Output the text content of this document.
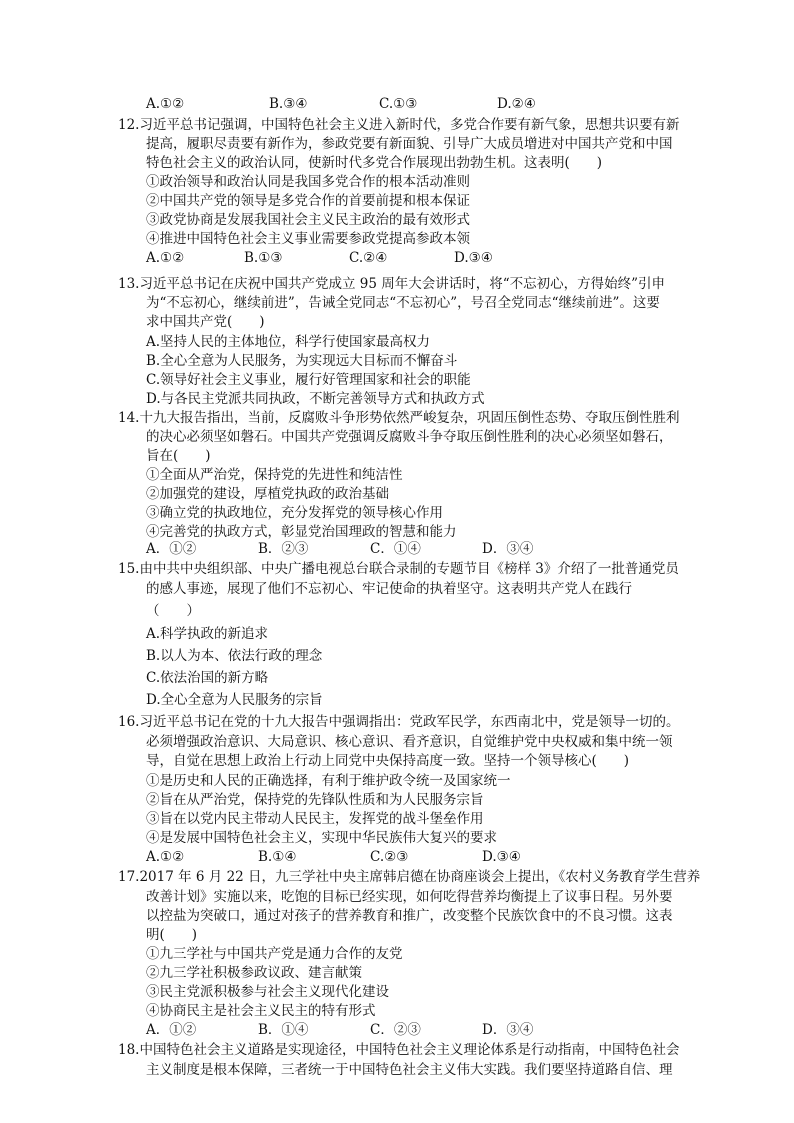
A.①②	B.③④	C.①③	D.②④
12.习近平总书记强调，中国特色社会主义进入新时代，多党合作要有新气象，思想共识要有新
提高，履职尽责要有新作为，参政党要有新面貌、引导广大成员增进对中国共产党和中国
特色社会主义的政治认同，使新时代多党合作展现出勃勃生机。这表明(　　)
①政治领导和政治认同是我国多党合作的根本活动准则
②中国共产党的领导是多党合作的首要前提和根本保证
③政党协商是发展我国社会主义民主政治的最有效形式
④推进中国特色社会主义事业需要参政党提高参政本领
A.①②	B.①③	C.②④	D.③④
13.习近平总书记在庆祝中国共产党成立 95 周年大会讲话时，将“不忘初心，方得始终”引申
为“不忘初心，继续前进”，告诫全党同志“不忘初心”，号召全党同志“继续前进”。这要
求中国共产党(　　)
A.坚持人民的主体地位，科学行使国家最高权力
B.全心全意为人民服务，为实现远大目标而不懈奋斗
C.领导好社会主义事业，履行好管理国家和社会的职能
D.与各民主党派共同执政，不断完善领导方式和执政方式
14.十九大报告指出，当前，反腐败斗争形势依然严峻复杂，巩固压倒性态势、夺取压倒性胜利
的决心必须坚如磐石。中国共产党强调反腐败斗争夺取压倒性胜利的决心必须坚如磐石，
旨在(　　)
①全面从严治党，保持党的先进性和纯洁性
②加强党的建设，厚植党执政的政治基础
③确立党的执政地位，充分发挥党的领导核心作用
④完善党的执政方式，彰显党治国理政的智慧和能力
A．①②	B．②③	C．①④	D．③④
15.由中共中央组织部、中央广播电视总台联合录制的专题节目《榜样 3》介绍了一批普通党员
的感人事迹，展现了他们不忘初心、牢记使命的执着坚守。这表明共产党人在践行
（　　）
A.科学执政的新追求
B.以人为本、依法行政的理念
C.依法治国的新方略
D.全心全意为人民服务的宗旨
16.习近平总书记在党的十九大报告中强调指出：党政军民学，东西南北中，党是领导一切的。
必须增强政治意识、大局意识、核心意识、看齐意识，自觉维护党中央权威和集中统一领
导，自觉在思想上政治上行动上同党中央保持高度一致。坚持一个领导核心(　　)
①是历史和人民的正确选择，有利于维护政令统一及国家统一
②旨在从严治党，保持党的先锋队性质和为人民服务宗旨
③旨在以党内民主带动人民民主，发挥党的战斗堡垒作用
④是发展中国特色社会主义，实现中华民族伟大复兴的要求
A.①②	B.①④	C.②③	D.③④
17.2017 年 6 月 22 日，九三学社中央主席韩启德在协商座谈会上提出，《农村义务教育学生营养
改善计划》实施以来，吃饱的目标已经实现，如何吃得营养均衡提上了议事日程。另外要
以控盐为突破口，通过对孩子的营养教育和推广，改变整个民族饮食中的不良习惯。这表
明(　　)
①九三学社与中国共产党是通力合作的友党
②九三学社积极参政议政、建言献策
③民主党派积极参与社会主义现代化建设
④协商民主是社会主义民主的特有形式
A．①②	B．①④	C．②③	D．③④
18.中国特色社会主义道路是实现途径，中国特色社会主义理论体系是行动指南，中国特色社会
主义制度是根本保障，三者统一于中国特色社会主义伟大实践。我们要坚持道路自信、理
